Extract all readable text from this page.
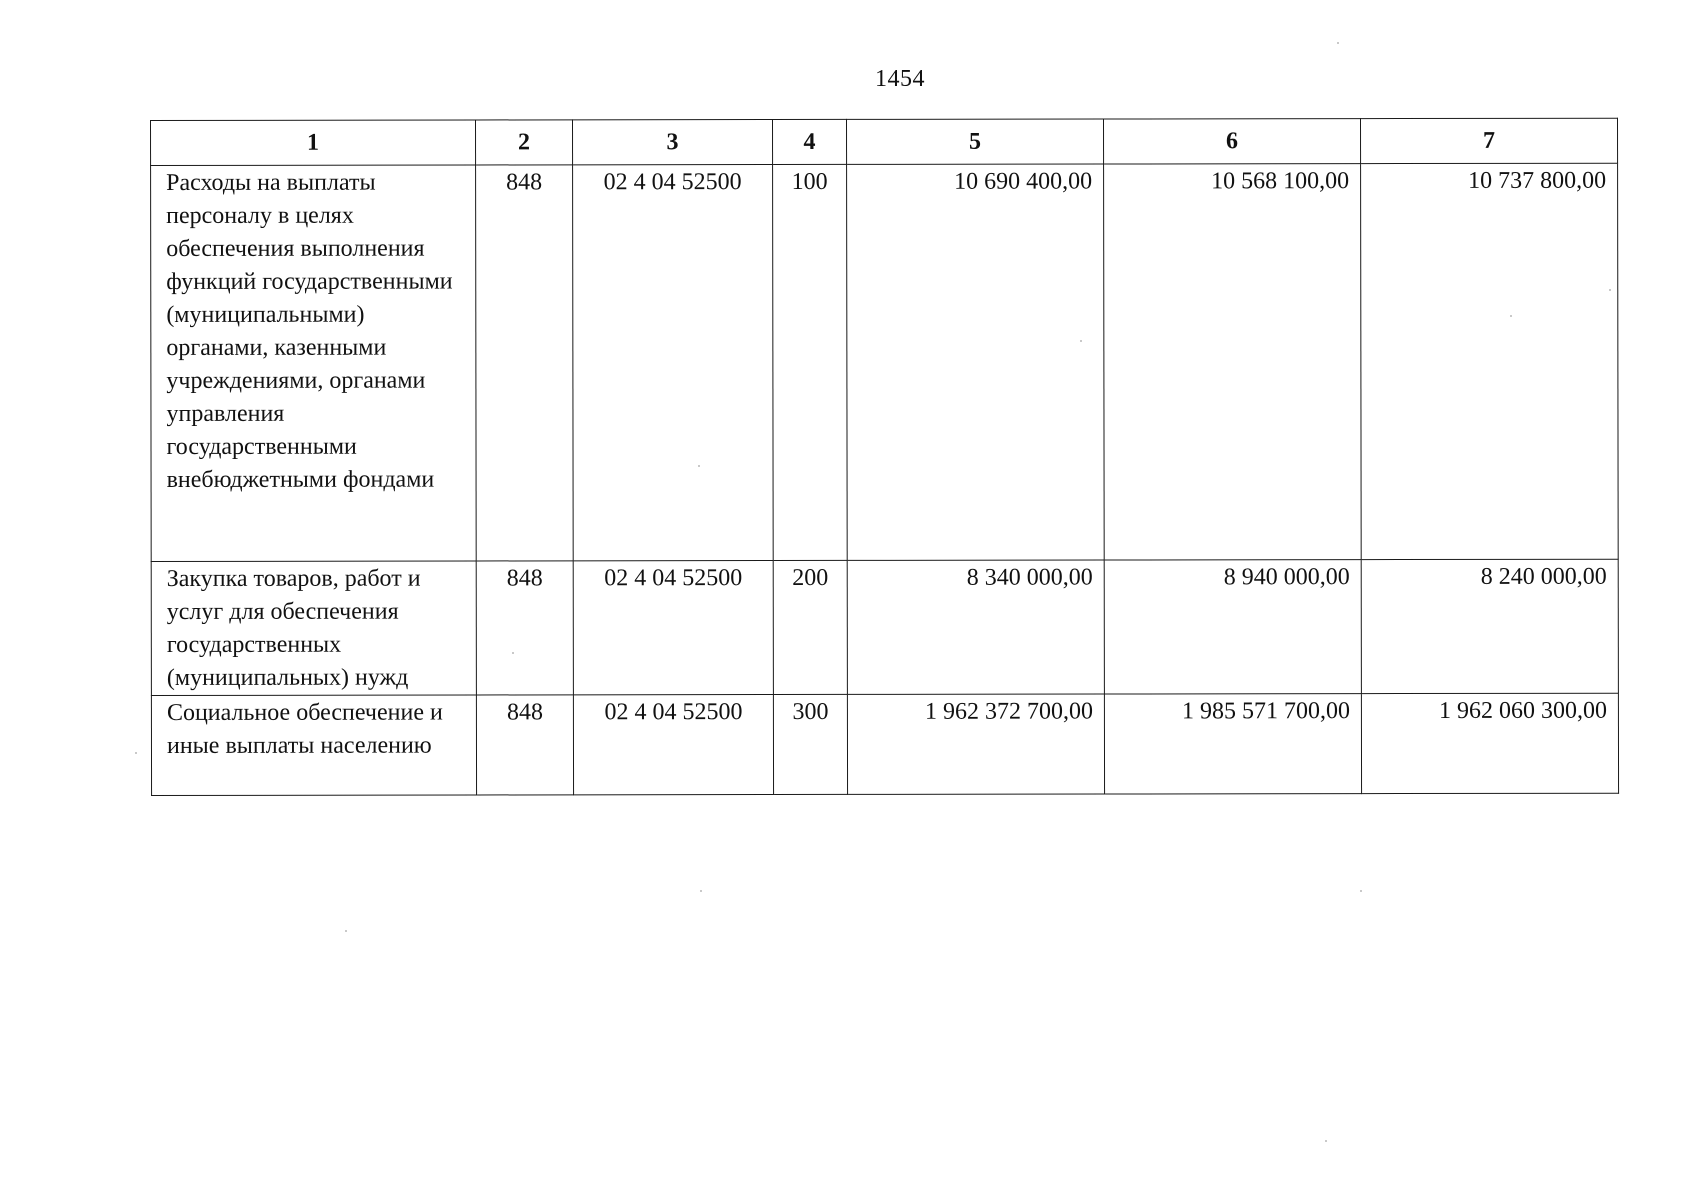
1454
1	2	3	4	5	6	7

Расходы на выплаты персоналу в целях обеспечения выполнения функций государственными (муниципальными) органами, казенными учреждениями, органами управления государственными внебюджетными фондами	848	02 4 04 52500	100	10 690 400,00	10 568 100,00	10 737 800,00

Закупка товаров, работ и услуг для обеспечения государственных (муниципальных) нужд	848	02 4 04 52500	200	8 340 000,00	8 940 000,00	8 240 000,00

Социальное обеспечение и иные выплаты населению	848	02 4 04 52500	300	1 962 372 700,00	1 985 571 700,00	1 962 060 300,00
